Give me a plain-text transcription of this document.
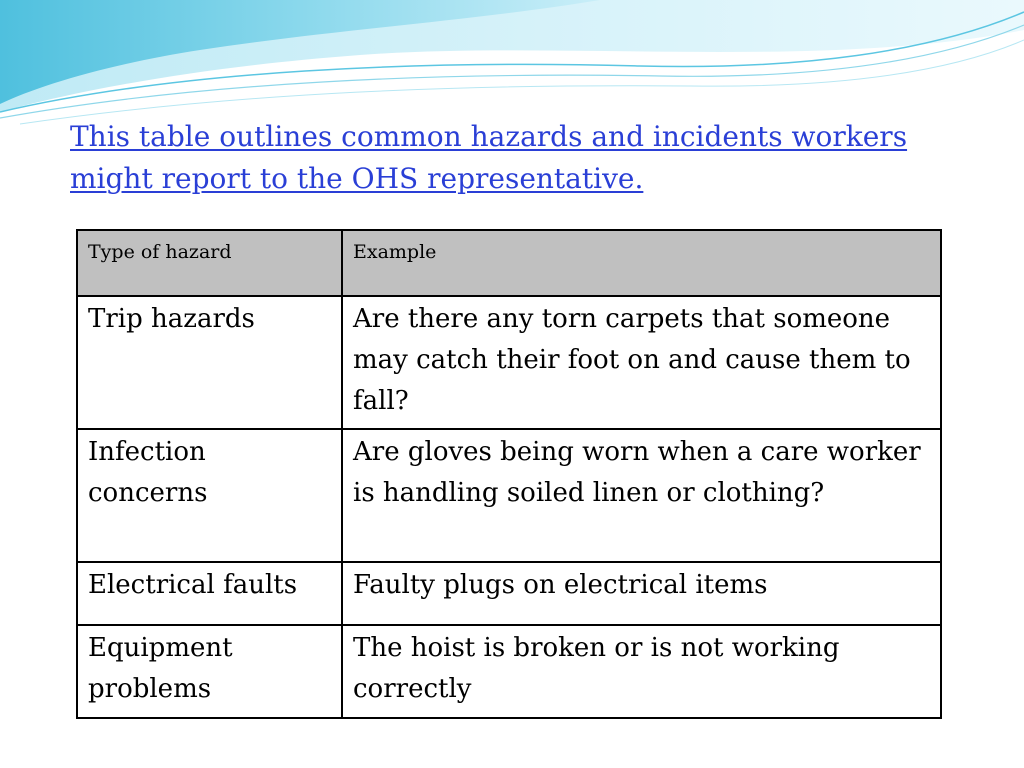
This table outlines common hazards and incidents workers might report to the OHS representative.

Type of hazard	Example
Trip hazards	Are there any torn carpets that someone may catch their foot on and cause them to fall?
Infection concerns	Are gloves being worn when a care worker is handling soiled linen or clothing?
Electrical faults	Faulty plugs on electrical items
Equipment problems	The hoist is broken or is not working correctly
